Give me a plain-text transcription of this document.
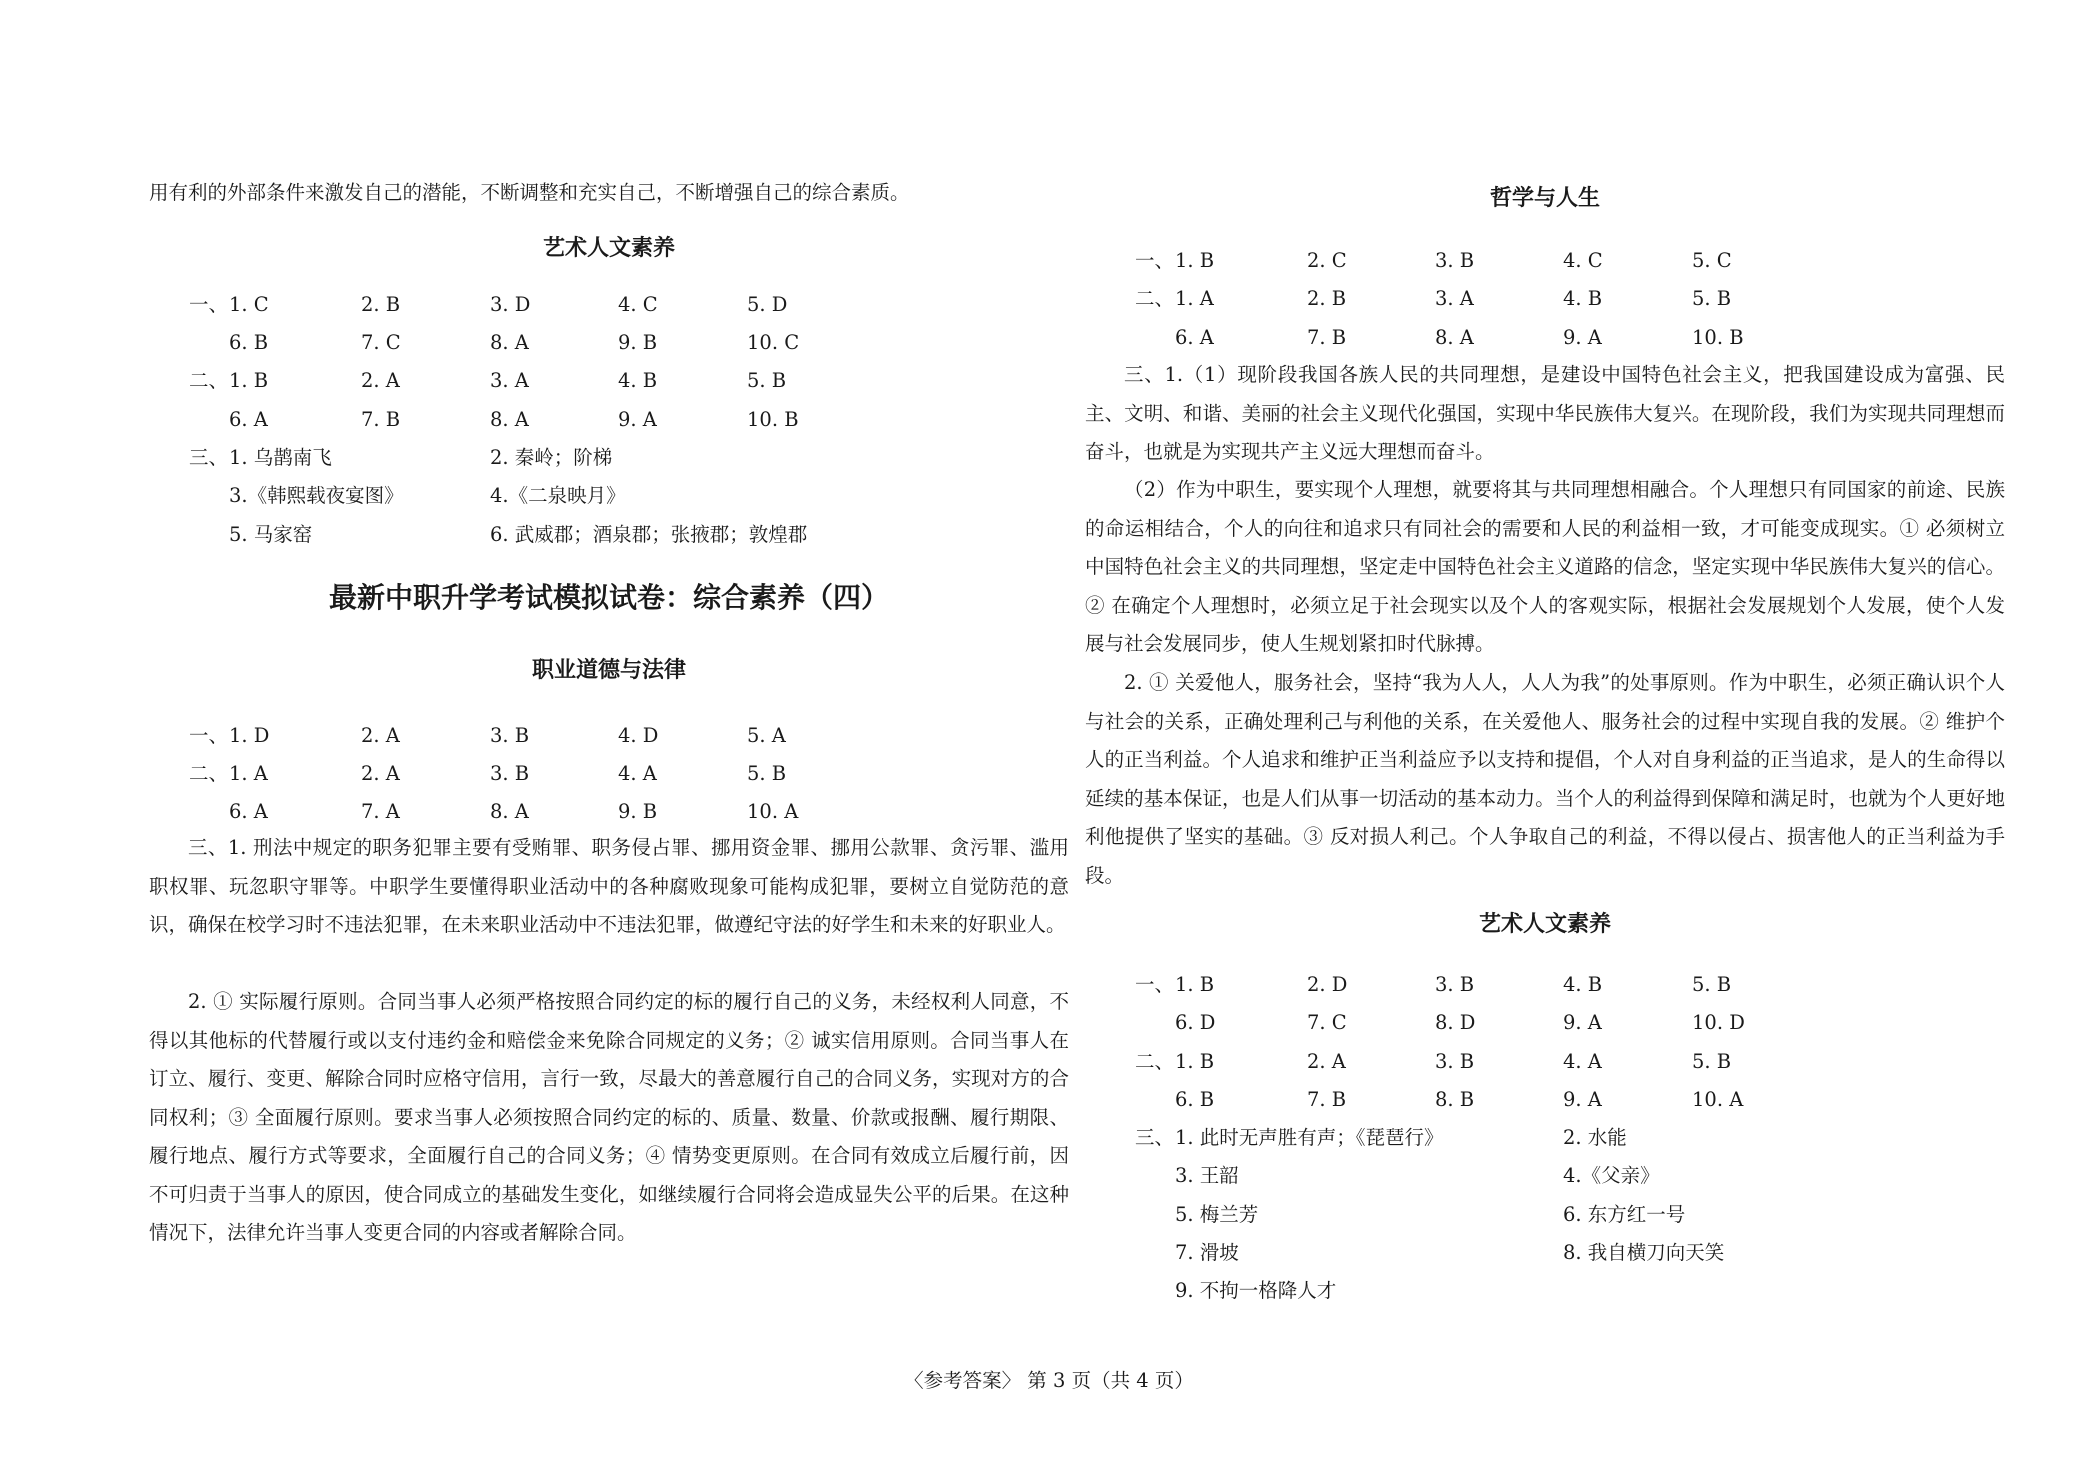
用有利的外部条件来激发自己的潜能，不断调整和充实自己，不断增强自己的综合素质。
艺术人文素养
一、 1. C	2. B	3. D	4. C	5. D
6. B	7. C	8. A	9. B	10. C
二、 1. B	2. A	3. A	4. B	5. B
6. A	7. B	8. A	9. A	10. B
三、 1. 乌鹊南飞	2. 秦岭；阶梯
3.《韩熙载夜宴图》	4.《二泉映月》
5. 马家窑	6. 武威郡；酒泉郡；张掖郡；敦煌郡
最新中职升学考试模拟试卷：综合素养（四）
职业道德与法律
一、 1. D	2. A	3. B	4. D	5. A
二、 1. A	2. A	3. B	4. A	5. B
6. A	7. A	8. A	9. B	10. A
三、1. 刑法中规定的职务犯罪主要有受贿罪、职务侵占罪、挪用资金罪、挪用公款罪、贪污罪、滥用职权罪、玩忽职守罪等。中职学生要懂得职业活动中的各种腐败现象可能构成犯罪，要树立自觉防范的意识，确保在校学习时不违法犯罪，在未来职业活动中不违法犯罪，做遵纪守法的好学生和未来的好职业人。
2. ① 实际履行原则。合同当事人必须严格按照合同约定的标的履行自己的义务，未经权利人同意，不得以其他标的代替履行或以支付违约金和赔偿金来免除合同规定的义务；② 诚实信用原则。合同当事人在订立、履行、变更、解除合同时应格守信用，言行一致，尽最大的善意履行自己的合同义务，实现对方的合同权利；③ 全面履行原则。要求当事人必须按照合同约定的标的、质量、数量、价款或报酬、履行期限、履行地点、履行方式等要求，全面履行自己的合同义务；④ 情势变更原则。在合同有效成立后履行前，因不可归责于当事人的原因，使合同成立的基础发生变化，如继续履行合同将会造成显失公平的后果。在这种情况下，法律允许当事人变更合同的内容或者解除合同。
哲学与人生
一、 1. B	2. C	3. B	4. C	5. C
二、 1. A	2. B	3. A	4. B	5. B
6. A	7. B	8. A	9. A	10. B
三、1.（1）现阶段我国各族人民的共同理想，是建设中国特色社会主义，把我国建设成为富强、民主、文明、和谐、美丽的社会主义现代化强国，实现中华民族伟大复兴。在现阶段，我们为实现共同理想而奋斗，也就是为实现共产主义远大理想而奋斗。
（2）作为中职生，要实现个人理想，就要将其与共同理想相融合。个人理想只有同国家的前途、民族的命运相结合，个人的向往和追求只有同社会的需要和人民的利益相一致，才可能变成现实。① 必须树立中国特色社会主义的共同理想，坚定走中国特色社会主义道路的信念，坚定实现中华民族伟大复兴的信心。② 在确定个人理想时，必须立足于社会现实以及个人的客观实际，根据社会发展规划个人发展，使个人发展与社会发展同步，使人生规划紧扣时代脉搏。
2. ① 关爱他人，服务社会，坚持“我为人人，人人为我”的处事原则。作为中职生，必须正确认识个人与社会的关系，正确处理利己与利他的关系，在关爱他人、服务社会的过程中实现自我的发展。② 维护个人的正当利益。个人追求和维护正当利益应予以支持和提倡，个人对自身利益的正当追求，是人的生命得以延续的基本保证，也是人们从事一切活动的基本动力。当个人的利益得到保障和满足时，也就为个人更好地利他提供了坚实的基础。③ 反对损人利己。个人争取自己的利益，不得以侵占、损害他人的正当利益为手段。
艺术人文素养
一、 1. B	2. D	3. B	4. B	5. B
6. D	7. C	8. D	9. A	10. D
二、 1. B	2. A	3. B	4. A	5. B
6. B	7. B	8. B	9. A	10. A
三、 1. 此时无声胜有声；《琵琶行》	2. 水能
3. 王韶	4.《父亲》
5. 梅兰芳	6. 东方红一号
7. 滑坡	8. 我自横刀向天笑
9. 不拘一格降人才
〈参考答案〉 第 3 页（共 4 页）
